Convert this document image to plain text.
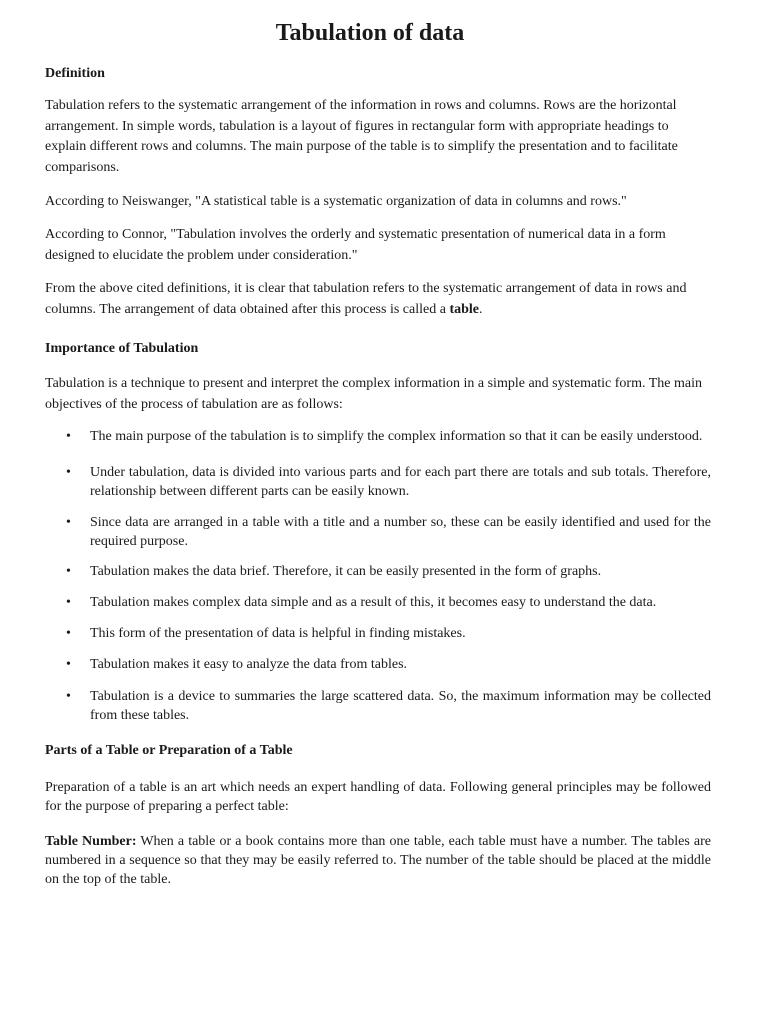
Tabulation of data

Definition

Tabulation refers to the systematic arrangement of the information in rows and columns. Rows are the horizontal arrangement. In simple words, tabulation is a layout of figures in rectangular form with appropriate headings to explain different rows and columns. The main purpose of the table is to simplify the presentation and to facilitate comparisons.

According to Neiswanger, "A statistical table is a systematic organization of data in columns and rows."

According to Connor, "Tabulation involves the orderly and systematic presentation of numerical data in a form designed to elucidate the problem under consideration."

From the above cited definitions, it is clear that tabulation refers to the systematic arrangement of data in rows and columns. The arrangement of data obtained after this process is called a table.

Importance of Tabulation

Tabulation is a technique to present and interpret the complex information in a simple and systematic form. The main objectives of the process of tabulation are as follows:

• The main purpose of the tabulation is to simplify the complex information so that it can be easily understood.
• Under tabulation, data is divided into various parts and for each part there are totals and sub totals. Therefore, relationship between different parts can be easily known.
• Since data are arranged in a table with a title and a number so, these can be easily identified and used for the required purpose.
• Tabulation makes the data brief. Therefore, it can be easily presented in the form of graphs.
• Tabulation makes complex data simple and as a result of this, it becomes easy to understand the data.
• This form of the presentation of data is helpful in finding mistakes.
• Tabulation makes it easy to analyze the data from tables.
• Tabulation is a device to summaries the large scattered data. So, the maximum information may be collected from these tables.

Parts of a Table or Preparation of a Table

Preparation of a table is an art which needs an expert handling of data. Following general principles may be followed for the purpose of preparing a perfect table:

Table Number: When a table or a book contains more than one table, each table must have a number. The tables are numbered in a sequence so that they may be easily referred to. The number of the table should be placed at the middle on the top of the table.
